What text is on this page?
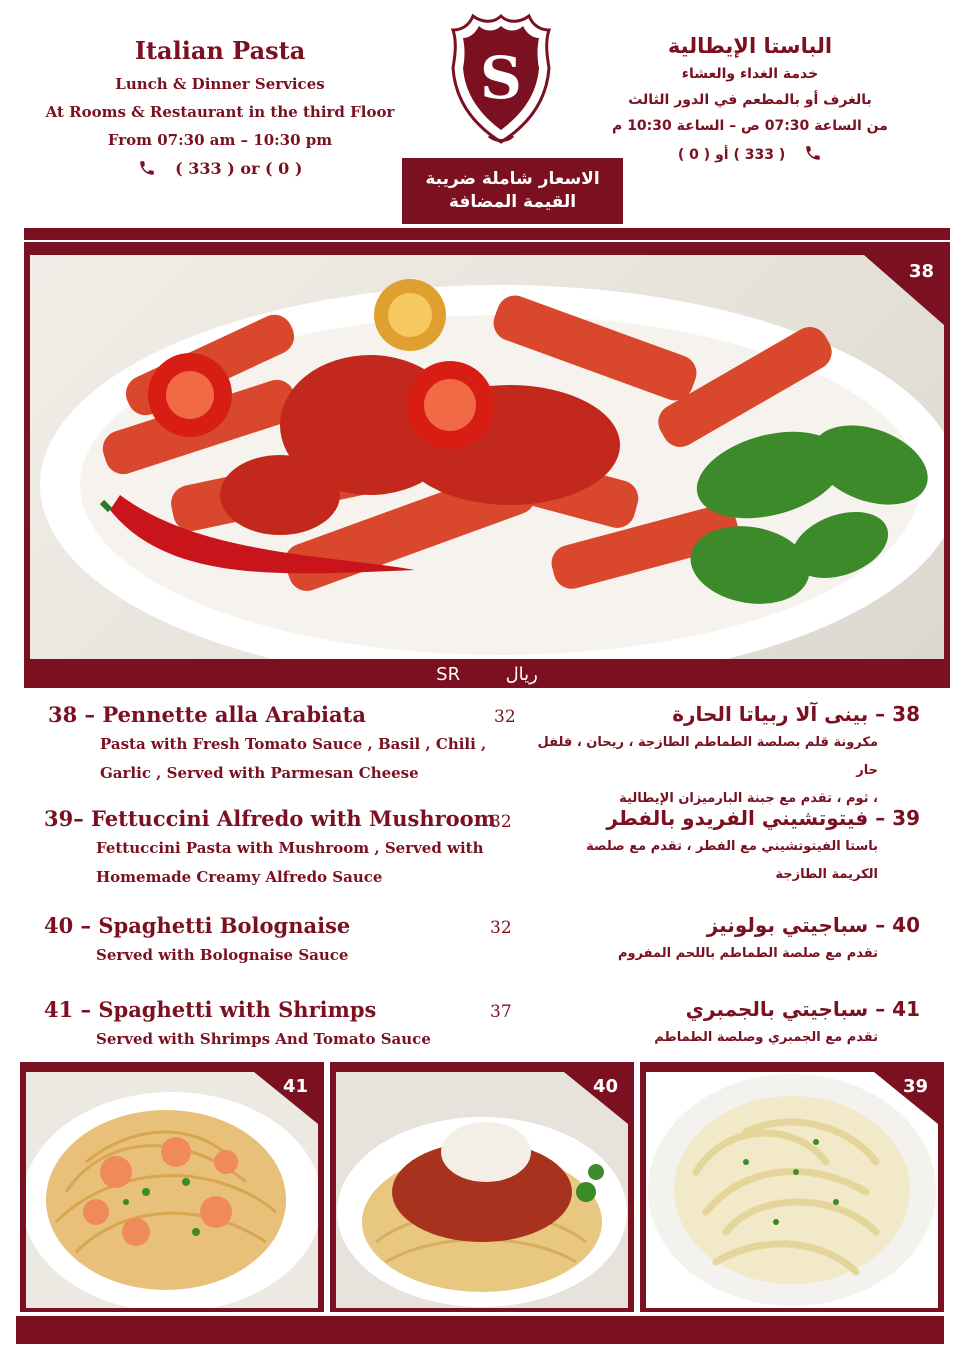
Italian Pasta
Lunch & Dinner Services
At Rooms & Restaurant in the third Floor
From 07:30 am – 10:30 pm
( 333 ) or ( 0 )
S	الباستا الإيطالية
خدمة الغداء والعشاء
بالغرف أو بالمطعم في الدور الثالث
من الساعة 07:30 ص – الساعة 10:30 م
( 333 ) أو ( 0 )
الاسعار شاملة ضريبة
القيمة المضافة
38
SR	ريال
38 – Pennette alla Arabiata
Pasta with Fresh Tomato Sauce , Basil , Chili ,
Garlic , Served with Parmesan Cheese
32	38 – بينى آلا ربياتا الحارة
مكرونة قلم بصلصة الطماطم الطازجة ، ريحان ، فلفل حار
، ثوم ، تقدم مع جبنة البارميزان الإيطالية
39– Fettuccini Alfredo with Mushroom
Fettuccini Pasta with Mushroom , Served with
Homemade Creamy Alfredo Sauce
32	39 – فيتوتشيني الفريدو بالفطر
باستا الفيتوتشيني مع الفطر ، تقدم مع صلصة
الكريمة الطازجة
40 – Spaghetti Bolognaise
Served with Bolognaise Sauce
32	40 – سباجيتي بولونيز
تقدم مع صلصة الطماطم باللحم المفروم
41 – Spaghetti with Shrimps
Served with Shrimps And Tomato Sauce
37	41 – سباجيتي بالجمبري
تقدم مع الجمبري وصلصة الطماطم
41	40	39
